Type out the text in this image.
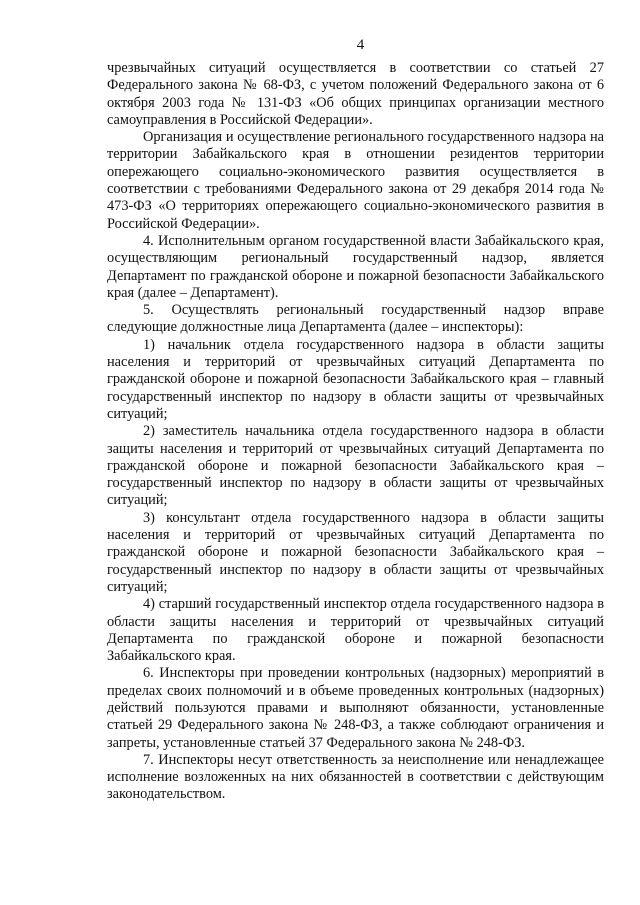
4

чрезвычайных ситуаций осуществляется в соответствии со статьей 27 Федерального закона № 68-ФЗ, с учетом положений Федерального закона от 6 октября 2003 года № 131-ФЗ «Об общих принципах организации местного самоуправления в Российской Федерации».

Организация и осуществление регионального государственного надзора на территории Забайкальского края в отношении резидентов территории опережающего социально-экономического развития осуществляется в соответствии с требованиями Федерального закона от 29 декабря 2014 года № 473-ФЗ «О территориях опережающего социально-экономического развития в Российской Федерации».

4. Исполнительным органом государственной власти Забайкальского края, осуществляющим региональный государственный надзор, является Департамент по гражданской обороне и пожарной безопасности Забайкальского края (далее – Департамент).

5. Осуществлять региональный государственный надзор вправе следующие должностные лица Департамента (далее – инспекторы):

1) начальник отдела государственного надзора в области защиты населения и территорий от чрезвычайных ситуаций Департамента по гражданской обороне и пожарной безопасности Забайкальского края – главный государственный инспектор по надзору в области защиты от чрезвычайных ситуаций;

2) заместитель начальника отдела государственного надзора в области защиты населения и территорий от чрезвычайных ситуаций Департамента по гражданской обороне и пожарной безопасности Забайкальского края – государственный инспектор по надзору в области защиты от чрезвычайных ситуаций;

3) консультант отдела государственного надзора в области защиты населения и территорий от чрезвычайных ситуаций Департамента по гражданской обороне и пожарной безопасности Забайкальского края – государственный инспектор по надзору в области защиты от чрезвычайных ситуаций;

4) старший государственный инспектор отдела государственного надзора в области защиты населения и территорий от чрезвычайных ситуаций Департамента по гражданской обороне и пожарной безопасности Забайкальского края.

6. Инспекторы при проведении контрольных (надзорных) мероприятий в пределах своих полномочий и в объеме проведенных контрольных (надзорных) действий пользуются правами и выполняют обязанности, установленные статьей 29 Федерального закона № 248-ФЗ, а также соблюдают ограничения и запреты, установленные статьей 37 Федерального закона № 248-ФЗ.

7. Инспекторы несут ответственность за неисполнение или ненадлежащее исполнение возложенных на них обязанностей в соответствии с действующим законодательством.
